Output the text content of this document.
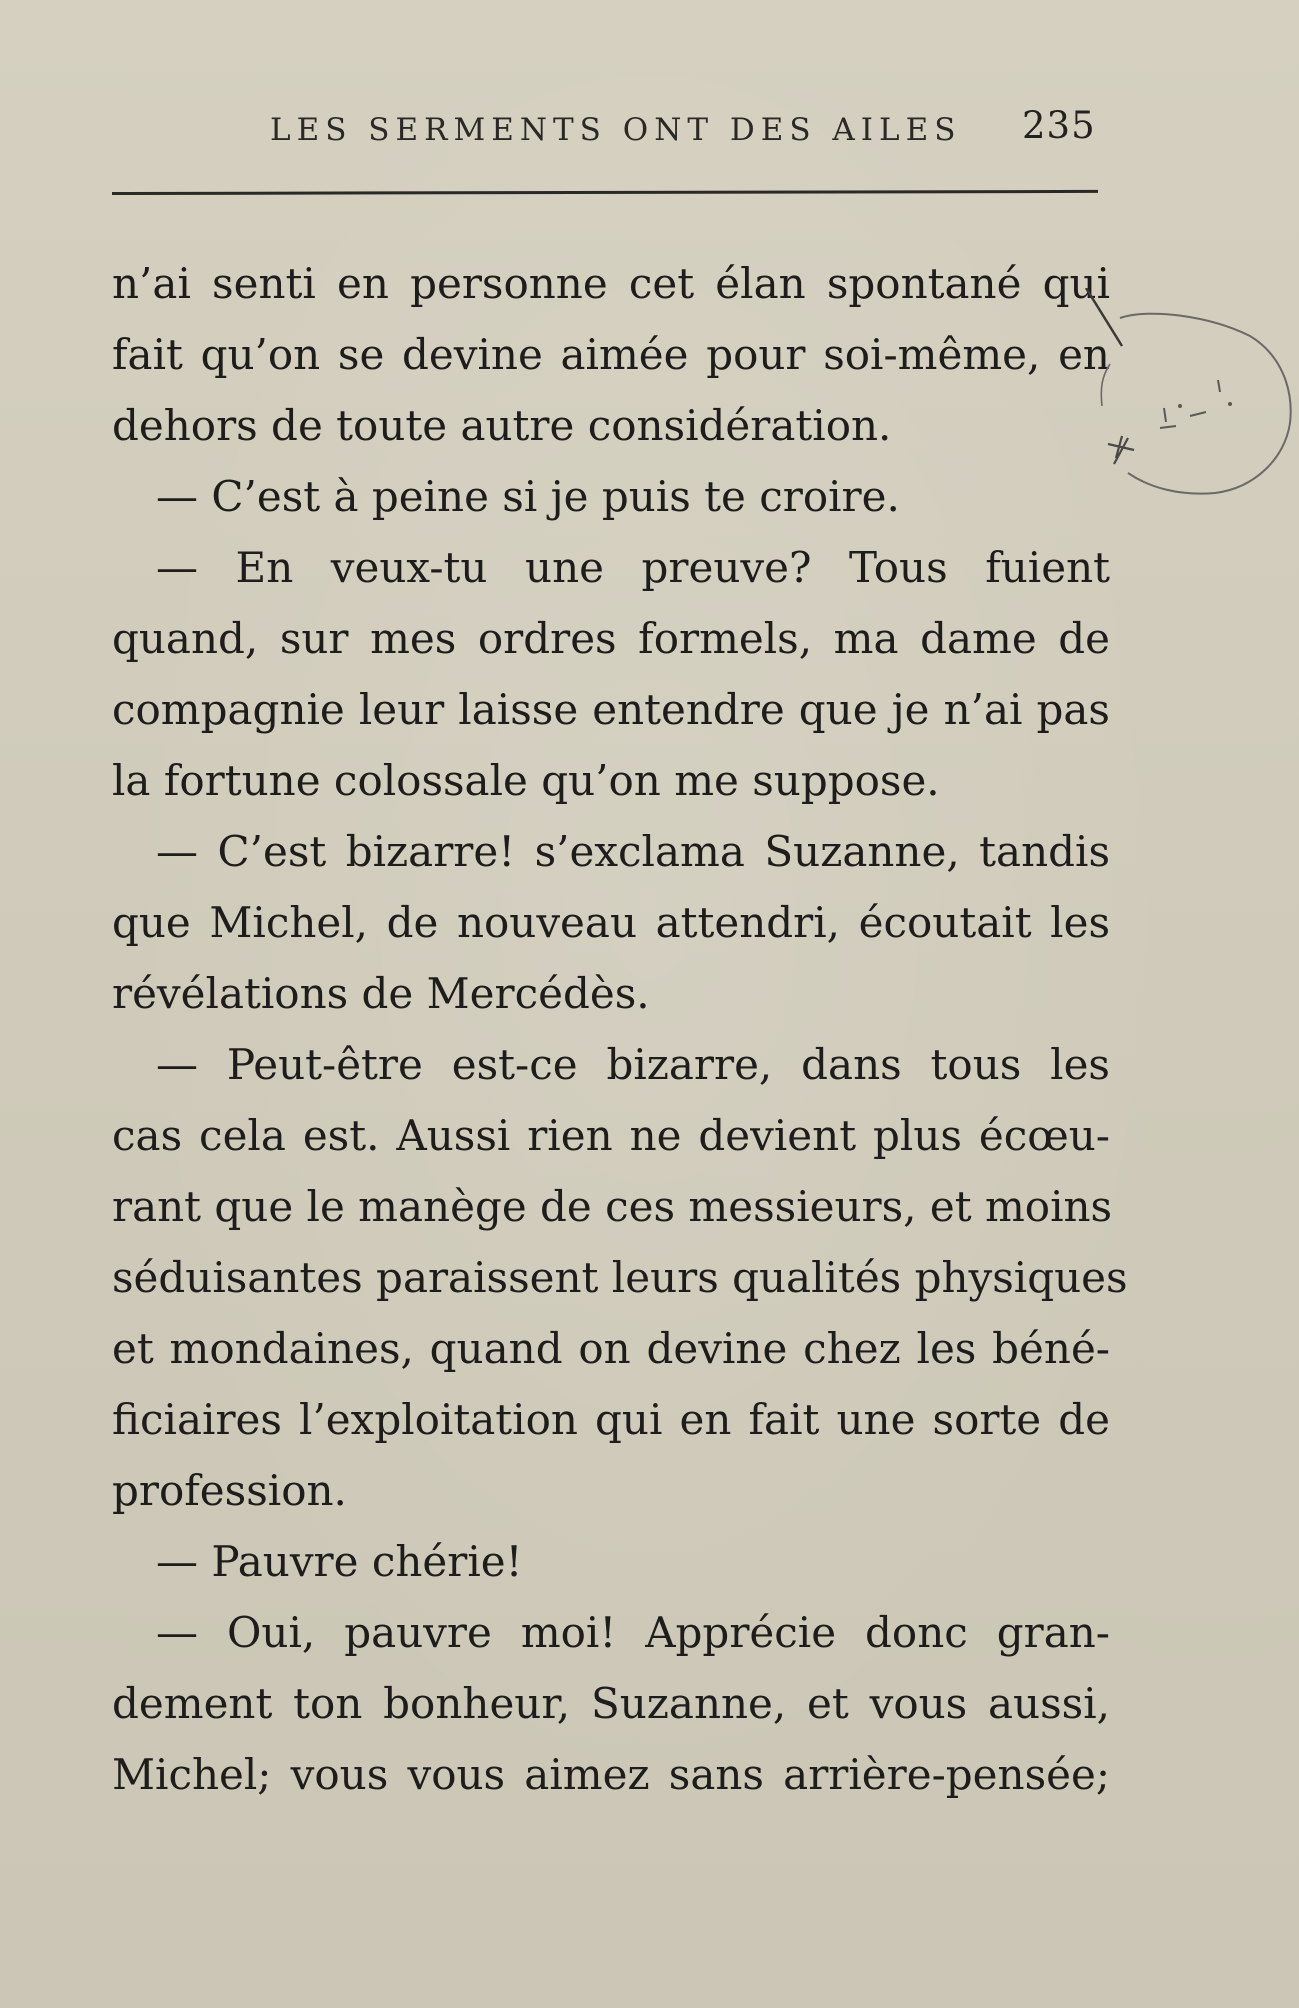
LES SERMENTS ONT DES AILES 235
n’ai senti en personne cet élan spontané qui
fait qu’on se devine aimée pour soi-même, en
dehors de toute autre considération.
— C’est à peine si je puis te croire.
— En veux-tu une preuve? Tous fuient
quand, sur mes ordres formels, ma dame de
compagnie leur laisse entendre que je n’ai pas
la fortune colossale qu’on me suppose.
— C’est bizarre! s’exclama Suzanne, tandis
que Michel, de nouveau attendri, écoutait les
révélations de Mercédès.
— Peut-être est-ce bizarre, dans tous les
cas cela est. Aussi rien ne devient plus écœu-
rant que le manège de ces messieurs, et moins
séduisantes paraissent leurs qualités physiques
et mondaines, quand on devine chez les béné-
ficiaires l’exploitation qui en fait une sorte de
profession.
— Pauvre chérie!
— Oui, pauvre moi! Apprécie donc gran-
dement ton bonheur, Suzanne, et vous aussi,
Michel; vous vous aimez sans arrière-pensée;
